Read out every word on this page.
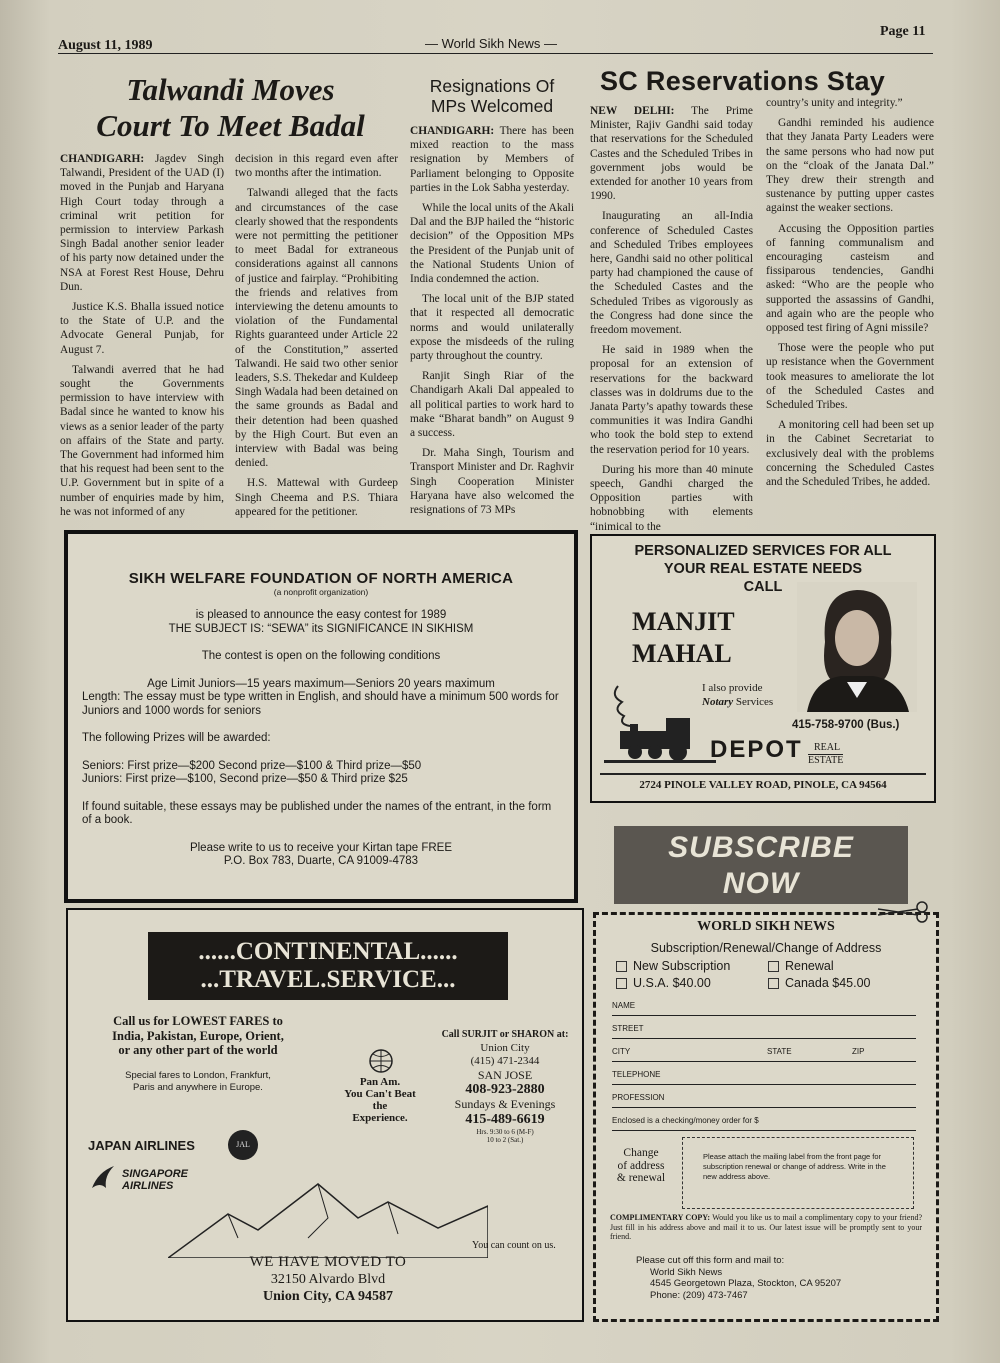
August 11, 1989	— World Sikh News —
Page 11
Talwandi Moves
Court To Meet Badal

CHANDIGARH: Jagdev Singh Talwandi, President of the UAD (I) moved in the Punjab and Haryana High Court today through a criminal writ petition for permission to interview Parkash Singh Badal another senior leader of his party now detained under the NSA at Forest Rest House, Dehru Dun.

Justice K.S. Bhalla issued notice to the State of U.P. and the Advocate General Punjab, for August 7.

Talwandi averred that he had sought the Governments permission to have interview with Badal since he wanted to know his views as a senior leader of the party on affairs of the State and party. The Government had informed him that his request had been sent to the U.P. Government but in spite of a number of enquiries made by him, he was not informed of any

decision in this regard even after two months after the intimation.

Talwandi alleged that the facts and circumstances of the case clearly showed that the respondents were not permitting the petitioner to meet Badal for extraneous considerations against all cannons of justice and fairplay. “Prohibiting the friends and relatives from interviewing the detenu amounts to violation of the Fundamental Rights guaranteed under Article 22 of the Constitution,” asserted Talwandi. He said two other senior leaders, S.S. Thekedar and Kuldeep Singh Wadala had been detained on the same grounds as Badal and their detention had been quashed by the High Court. But even an interview with Badal was being denied.

H.S. Mattewal with Gurdeep Singh Cheema and P.S. Thiara appeared for the petitioner.

Resignations Of
MPs Welcomed

CHANDIGARH: There has been mixed reaction to the mass resignation by Members of Parliament belonging to Opposite parties in the Lok Sabha yesterday.

While the local units of the Akali Dal and the BJP hailed the “historic decision” of the Opposition MPs the President of the Punjab unit of the National Students Union of India condemned the action.

The local unit of the BJP stated that it respected all democratic norms and would unilaterally expose the misdeeds of the ruling party throughout the country.

Ranjit Singh Riar of the Chandigarh Akali Dal appealed to all political parties to work hard to make “Bharat bandh” on August 9 a success.

Dr. Maha Singh, Tourism and Transport Minister and Dr. Raghvir Singh Cooperation Minister Haryana have also welcomed the resignations of 73 MPs

SC Reservations Stay

NEW DELHI: The Prime Minister, Rajiv Gandhi said today that reservations for the Scheduled Castes and the Scheduled Tribes in government jobs would be extended for another 10 years from 1990.

Inaugurating an all-India conference of Scheduled Castes and Scheduled Tribes employees here, Gandhi said no other political party had championed the cause of the Scheduled Castes and the Scheduled Tribes as vigorously as the Congress had done since the freedom movement.

He said in 1989 when the proposal for an extension of reservations for the backward classes was in doldrums due to the Janata Party’s apathy towards these communities it was Indira Gandhi who took the bold step to extend the reservation period for 10 years.

During his more than 40 minute speech, Gandhi charged the Opposition parties with hobnobbing with elements “inimical to the

country’s unity and integrity.”

Gandhi reminded his audience that they Janata Party Leaders were the same persons who had now put on the “cloak of the Janata Dal.” They drew their strength and sustenance by putting upper castes against the weaker sections.

Accusing the Opposition parties of fanning communalism and encouraging casteism and fissiparous tendencies, Gandhi asked: “Who are the people who supported the assassins of Gandhi, and again who are the people who opposed test firing of Agni missile?

Those were the people who put up resistance when the Government took measures to ameliorate the lot of the Scheduled Castes and Scheduled Tribes.

A monitoring cell had been set up in the Cabinet Secretariat to exclusively deal with the problems concerning the Scheduled Castes and the Scheduled Tribes, he added.

SIKH WELFARE FOUNDATION OF NORTH AMERICA
(a nonprofit organization)
is pleased to announce the easy contest for 1989
THE SUBJECT IS: “SEWA” its SIGNIFICANCE IN SIKHISM
The contest is open on the following conditions
Age Limit Juniors—15 years maximum—Seniors 20 years maximum
Length: The essay must be type written in English, and should have a minimum 500 words for Juniors and 1000 words for seniors
The following Prizes will be awarded:
Seniors: First prize—$200 Second prize—$100 & Third prize—$50
Juniors: First prize—$100, Second prize—$50 & Third prize $25
If found suitable, these essays may be published under the names of the entrant, in the form of a book.
Please write to us to receive your Kirtan tape FREE
P.O. Box 783, Duarte, CA 91009-4783
PERSONALIZED SERVICES FOR ALL
YOUR REAL ESTATE NEEDS
CALL
MANJIT
MAHAL
I also provide
Notary Services
415-758-9700 (Bus.)
DEPOT REAL
ESTATE
2724 PINOLE VALLEY ROAD, PINOLE, CA 94564
SUBSCRIBE
NOW
......CONTINENTAL......
...TRAVEL.SERVICE...
Call us for LOWEST FARES to
India, Pakistan, Europe, Orient,
or any other part of the world
Special fares to London, Frankfurt,
Paris and anywhere in Europe.	Pan Am.
You Can't Beat
the
Experience.
Call SURJIT or SHARON at:
Union City
(415) 471-2344
SAN JOSE
408-923-2880
Sundays & Evenings
415-489-6619
Hrs. 9:30 to 6 (M-F)
10 to 2 (Sat.)
JAPAN AIRLINES	JAL
SINGAPORE
AIRLINES
You can count on us.
WE HAVE MOVED TO
32150 Alvardo Blvd
Union City, CA 94587
WORLD SIKH NEWS
Subscription/Renewal/Change of Address
New Subscription	Renewal
U.S.A. $40.00	Canada $45.00
NAME
STREET
CITY	STATE	ZIP
TELEPHONE
PROFESSION
Enclosed is a checking/money order for $
Change
of address
& renewal
Please attach the mailing label from the front page for subscription renewal or change of address. Write in the new address above.
COMPLIMENTARY COPY: Would you like us to mail a complimentary copy to your friend? Just fill in his address above and mail it to us. Our latest issue will be promptly sent to your friend.
Please cut off this form and mail to:
World Sikh News
4545 Georgetown Plaza, Stockton, CA 95207
Phone: (209) 473-7467
